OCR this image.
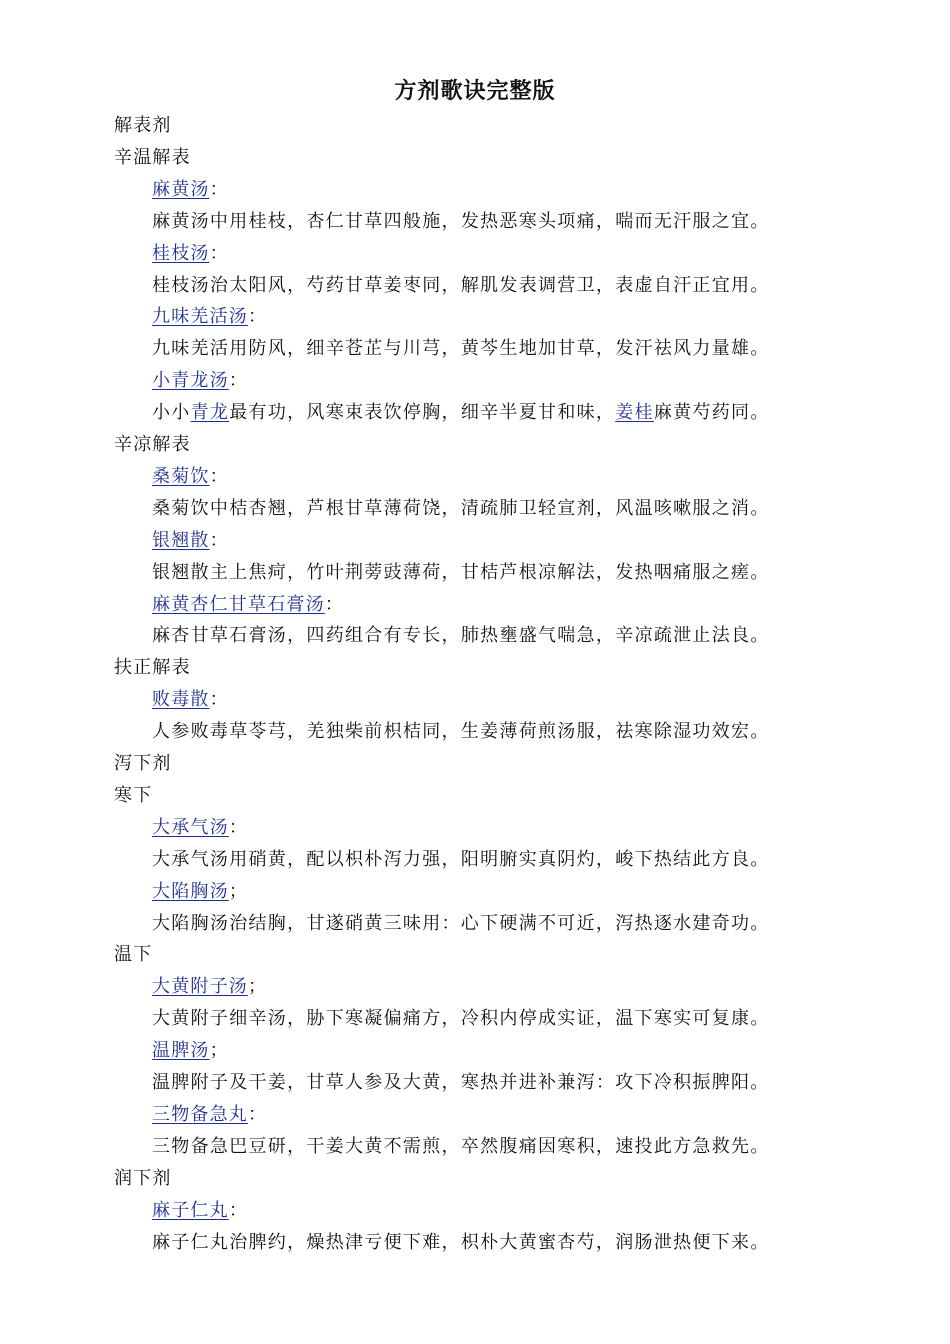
方剂歌诀完整版
解表剂
辛温解表
麻黄汤：
麻黄汤中用桂枝， 杏仁甘草四般施， 发热恶寒头项痛， 喘而无汗服之宜。
桂枝汤：
桂枝汤治太阳风， 芍药甘草姜枣同， 解肌发表调营卫， 表虚自汗正宜用。
九味羌活汤：
九味羌活用防风， 细辛苍芷与川芎， 黄芩生地加甘草， 发汗祛风力量雄。
小青龙汤：
小小青龙最有功， 风寒束表饮停胸， 细辛半夏甘和味， 姜桂麻黄芍药同。
辛凉解表
桑菊饮：
桑菊饮中桔杏翘， 芦根甘草薄荷饶， 清疏肺卫轻宣剂， 风温咳嗽服之消。
银翘散：
银翘散主上焦疴， 竹叶荆蒡豉薄荷， 甘桔芦根凉解法， 发热咽痛服之瘥。
麻黄杏仁甘草石膏汤：
麻杏甘草石膏汤， 四药组合有专长， 肺热壅盛气喘急， 辛凉疏泄止法良。
扶正解表
败毒散：
人参败毒草苓芎， 羌独柴前枳桔同， 生姜薄荷煎汤服， 祛寒除湿功效宏。
泻下剂
寒下
大承气汤：
大承气汤用硝黄， 配以枳朴泻力强， 阳明腑实真阴灼， 峻下热结此方良。
大陷胸汤；
大陷胸汤治结胸， 甘遂硝黄三味用：心下硬满不可近， 泻热逐水建奇功。
温下
大黄附子汤；
大黄附子细辛汤， 胁下寒凝偏痛方， 冷积内停成实证， 温下寒实可复康。
温脾汤；
温脾附子及干姜， 甘草人参及大黄， 寒热并进补兼泻：攻下冷积振脾阳。
三物备急丸：
三物备急巴豆研， 干姜大黄不需煎， 卒然腹痛因寒积， 速投此方急救先。
润下剂
麻子仁丸：
麻子仁丸治脾约， 燥热津亏便下难， 枳朴大黄蜜杏芍， 润肠泄热便下来。
